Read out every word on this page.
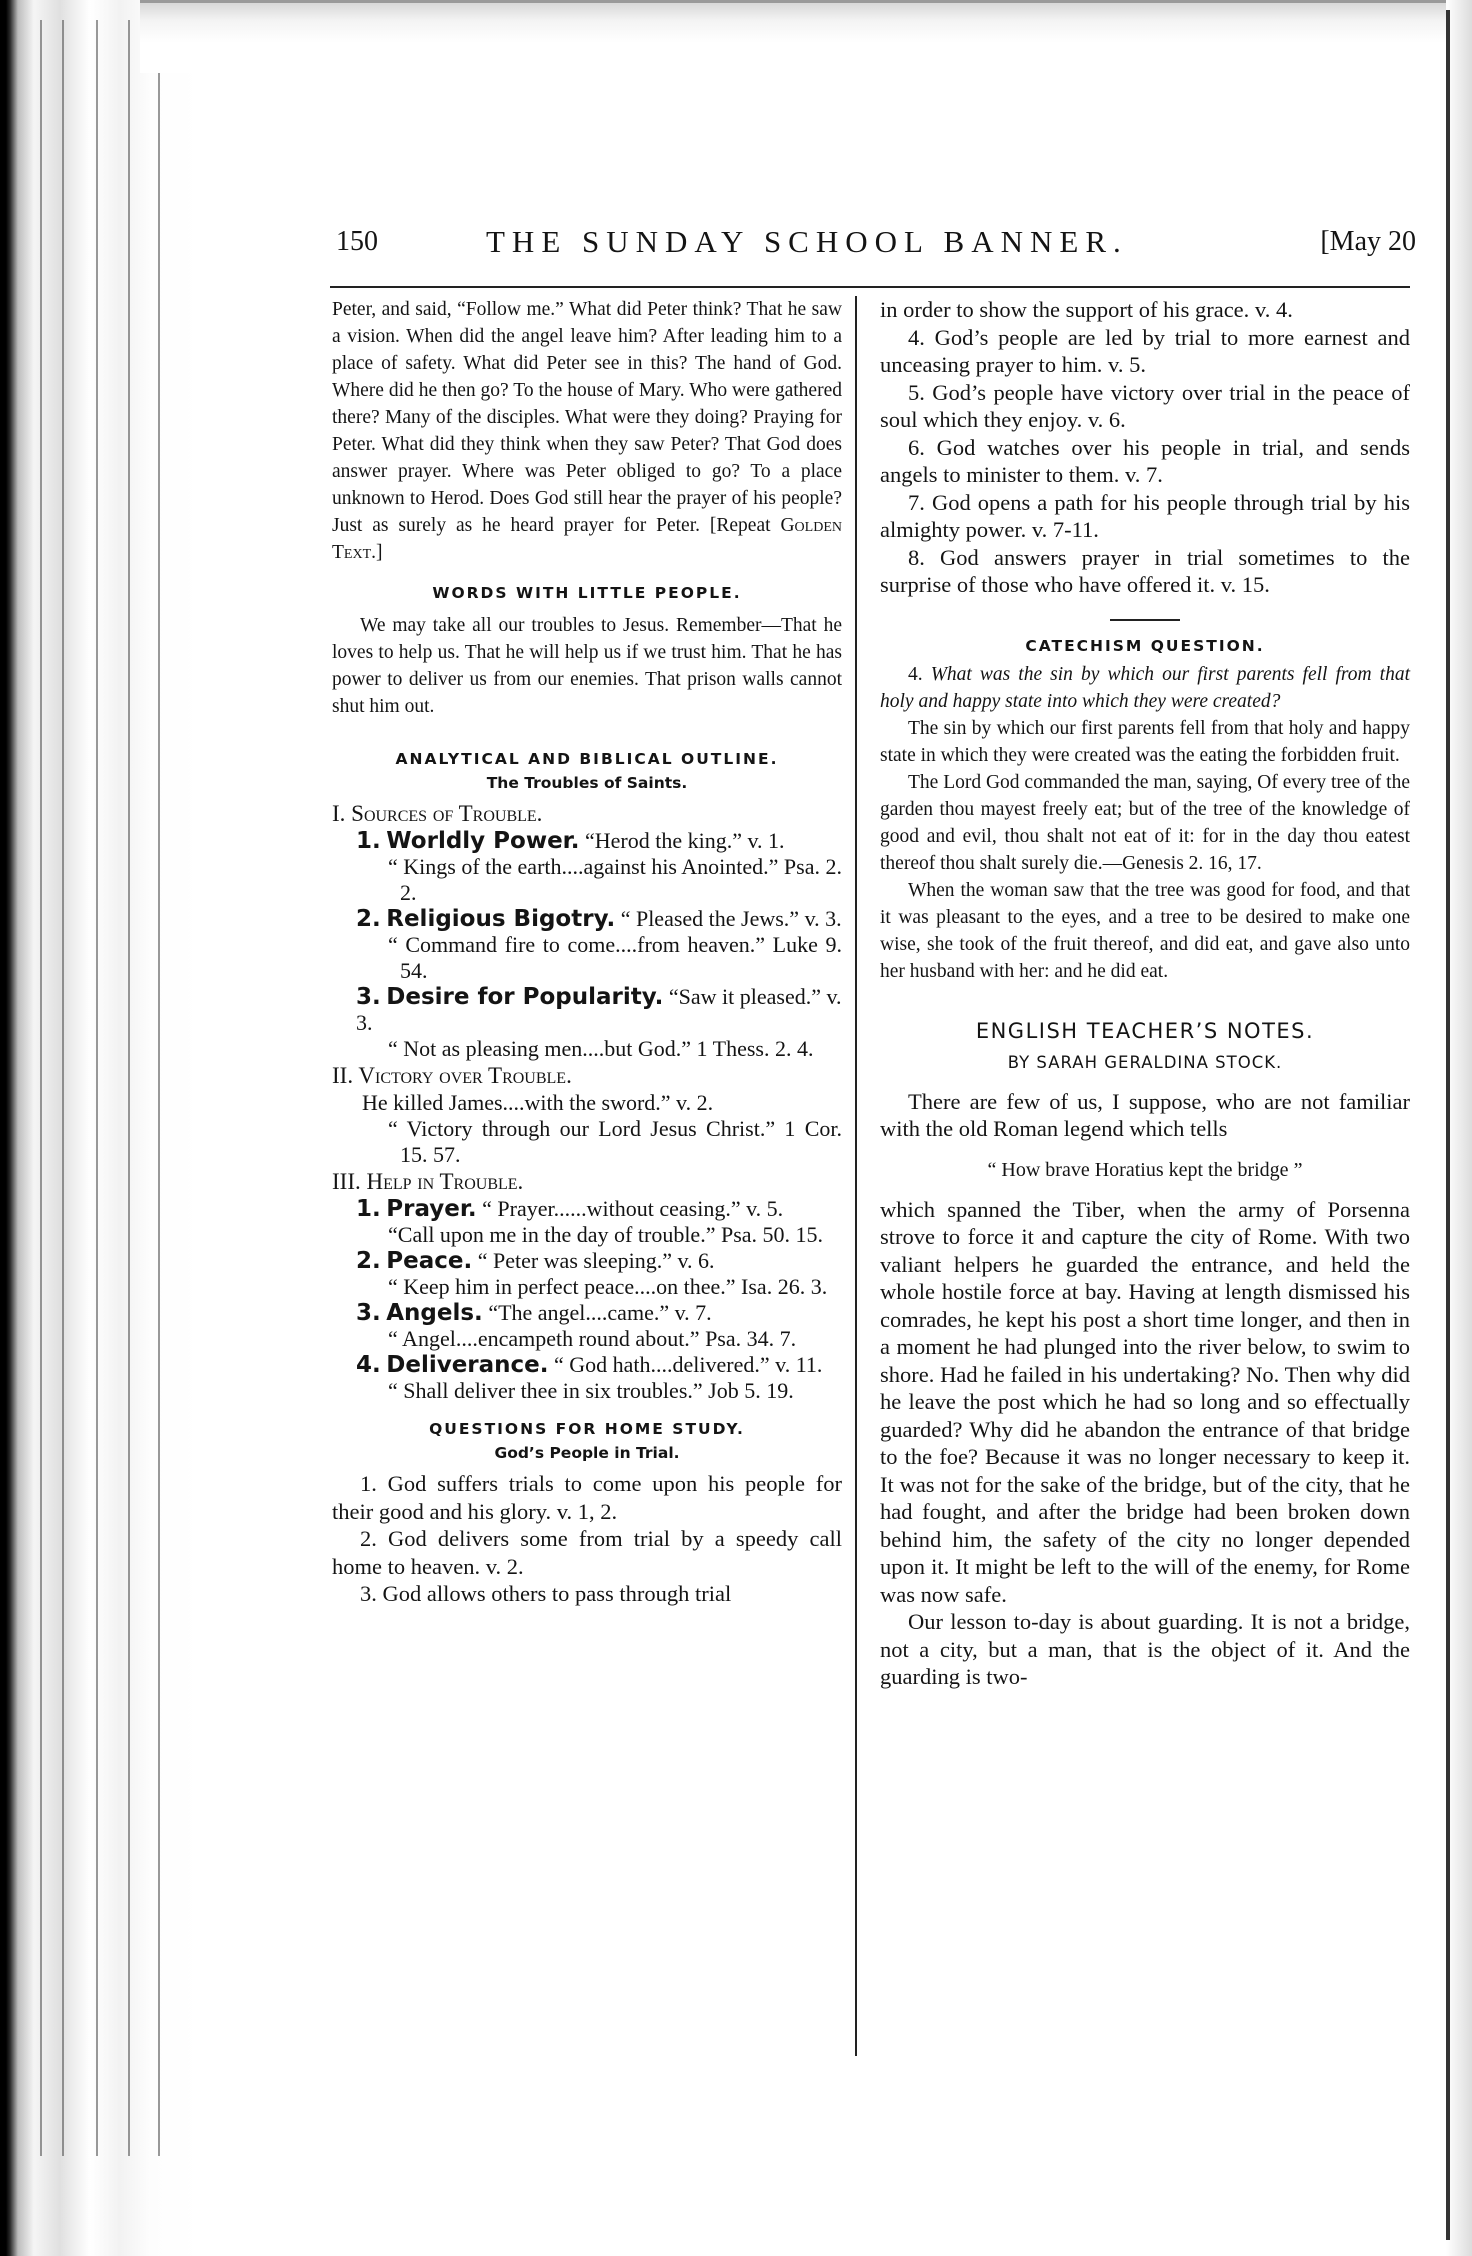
150	THE SUNDAY SCHOOL BANNER.	[May 20

Peter, and said, “Follow me.” What did Peter think? That he saw a vision. When did the angel leave him? After leading him to a place of safety. What did Peter see in this? The hand of God. Where did he then go? To the house of Mary. Who were gathered there? Many of the disciples. What were they doing? Praying for Peter. What did they think when they saw Peter? That God does answer prayer. Where was Peter obliged to go? To a place unknown to Herod. Does God still hear the prayer of his people? Just as surely as he heard prayer for Peter. [Repeat Golden Text.]

WORDS WITH LITTLE PEOPLE.

We may take all our troubles to Jesus. Remember—That he loves to help us. That he will help us if we trust him. That he has power to deliver us from our enemies. That prison walls cannot shut him out.

ANALYTICAL AND BIBLICAL OUTLINE.

The Troubles of Saints.

I. Sources of Trouble.

1. Worldly Power. “Herod the king.” v. 1.

“ Kings of the earth....against his Anointed.” Psa. 2. 2.

2. Religious Bigotry. “ Pleased the Jews.” v. 3.

“ Command fire to come....from heaven.” Luke 9. 54.

3. Desire for Popularity. “Saw it pleased.” v. 3.

“ Not as pleasing men....but God.” 1 Thess. 2. 4.

II. Victory over Trouble.

He killed James....with the sword.” v. 2.

“ Victory through our Lord Jesus Christ.” 1 Cor. 15. 57.

III. Help in Trouble.

1. Prayer. “ Prayer......without ceasing.” v. 5.

“Call upon me in the day of trouble.” Psa. 50. 15.

2. Peace. “ Peter was sleeping.” v. 6.

“ Keep him in perfect peace....on thee.” Isa. 26. 3.

3. Angels. “The angel....came.” v. 7.

“ Angel....encampeth round about.” Psa. 34. 7.

4. Deliverance. “ God hath....delivered.” v. 11.

“ Shall deliver thee in six troubles.” Job 5. 19.

QUESTIONS FOR HOME STUDY.

God’s People in Trial.

1. God suffers trials to come upon his people for their good and his glory. v. 1, 2.

2. God delivers some from trial by a speedy call home to heaven. v. 2.

3. God allows others to pass through trial

in order to show the support of his grace. v. 4.

4. God’s people are led by trial to more earnest and unceasing prayer to him. v. 5.

5. God’s people have victory over trial in the peace of soul which they enjoy. v. 6.

6. God watches over his people in trial, and sends angels to minister to them. v. 7.

7. God opens a path for his people through trial by his almighty power. v. 7-11.

8. God answers prayer in trial sometimes to the surprise of those who have offered it. v. 15.

CATECHISM QUESTION.

4. What was the sin by which our first parents fell from that holy and happy state into which they were created?

The sin by which our first parents fell from that holy and happy state in which they were created was the eating the forbidden fruit.

The Lord God commanded the man, saying, Of every tree of the garden thou mayest freely eat; but of the tree of the knowledge of good and evil, thou shalt not eat of it: for in the day thou eatest thereof thou shalt surely die.—Genesis 2. 16, 17.

When the woman saw that the tree was good for food, and that it was pleasant to the eyes, and a tree to be desired to make one wise, she took of the fruit thereof, and did eat, and gave also unto her husband with her: and he did eat.

ENGLISH TEACHER’S NOTES.

BY SARAH GERALDINA STOCK.

There are few of us, I suppose, who are not familiar with the old Roman legend which tells

“ How brave Horatius kept the bridge ”

which spanned the Tiber, when the army of Porsenna strove to force it and capture the city of Rome. With two valiant helpers he guarded the entrance, and held the whole hostile force at bay. Having at length dismissed his comrades, he kept his post a short time longer, and then in a moment he had plunged into the river below, to swim to shore. Had he failed in his undertaking? No. Then why did he leave the post which he had so long and so effectually guarded? Why did he abandon the entrance of that bridge to the foe? Because it was no longer necessary to keep it. It was not for the sake of the bridge, but of the city, that he had fought, and after the bridge had been broken down behind him, the safety of the city no longer depended upon it. It might be left to the will of the enemy, for Rome was now safe.

Our lesson to-day is about guarding. It is not a bridge, not a city, but a man, that is the object of it. And the guarding is two-
